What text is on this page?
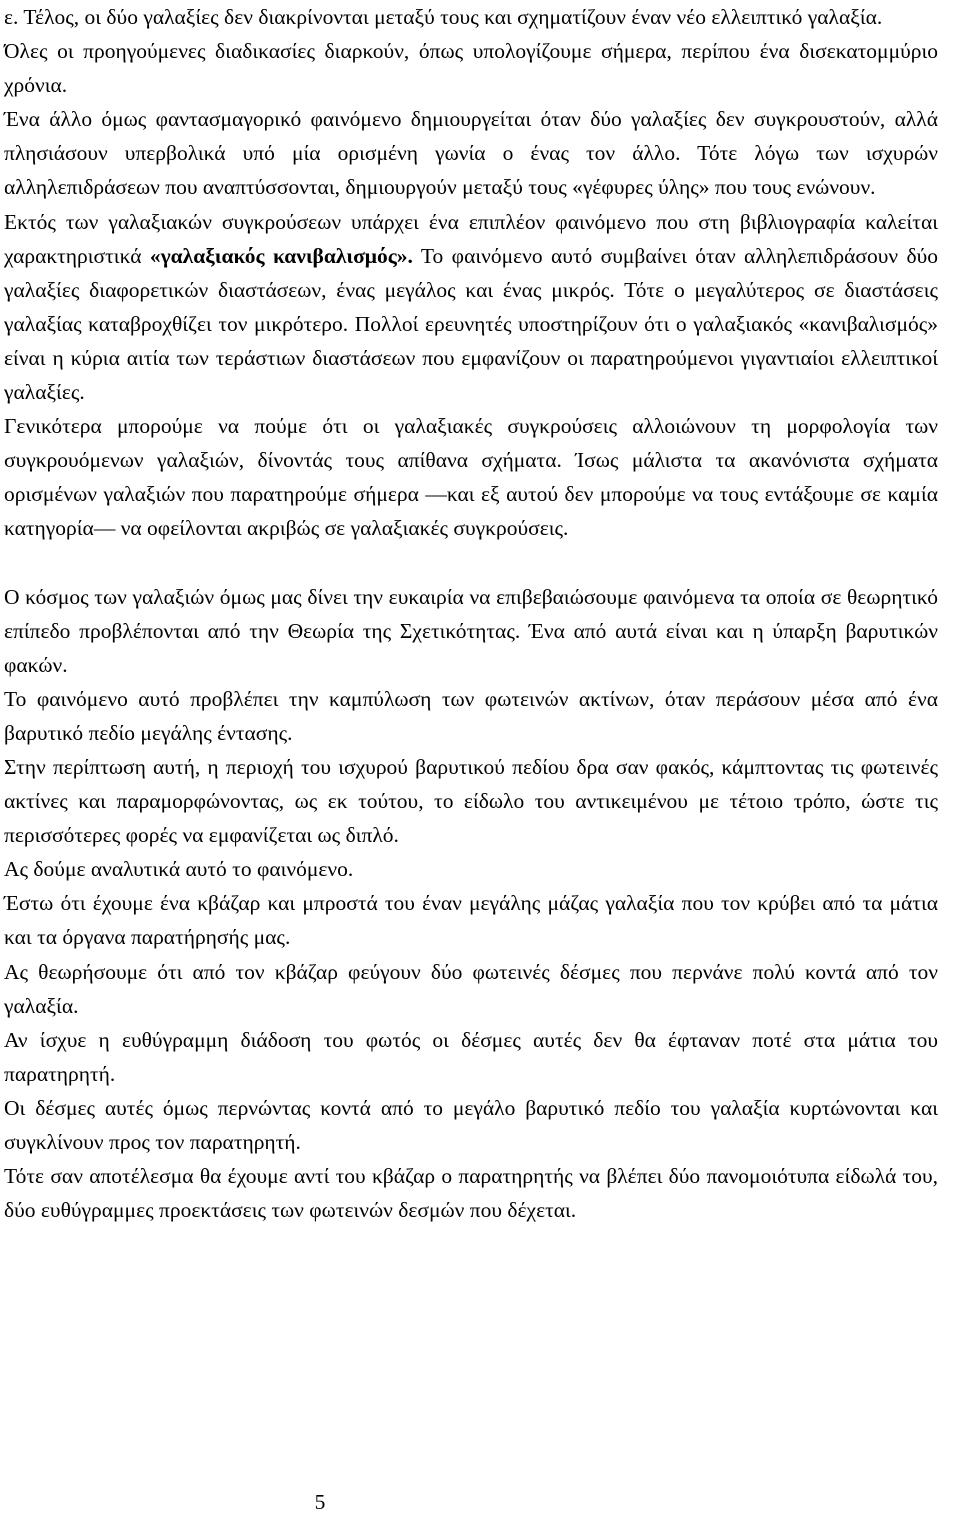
ε. Τέλος, οι δύο γαλαξίες δεν διακρίνονται μεταξύ τους και σχηματίζουν έναν νέο ελλειπτικό γαλαξία.

Όλες οι προηγούμενες διαδικασίες διαρκούν, όπως υπολογίζουμε σήμερα, περίπου ένα δισεκατομμύριο χρόνια.

Ένα άλλο όμως φαντασμαγορικό φαινόμενο δημιουργείται όταν δύο γαλαξίες δεν συγκρουστούν, αλλά πλησιάσουν υπερβολικά υπό μία ορισμένη γωνία ο ένας τον άλλο. Τότε λόγω των ισχυρών αλληλεπιδράσεων που αναπτύσσονται, δημιουργούν μεταξύ τους «γέφυρες ύλης» που τους ενώνουν.

Εκτός των γαλαξιακών συγκρούσεων υπάρχει ένα επιπλέον φαινόμενο που στη βιβλιογραφία καλείται χαρακτηριστικά «γαλαξιακός κανιβαλισμός». Το φαινόμενο αυτό συμβαίνει όταν αλληλεπιδράσουν δύο γαλαξίες διαφορετικών διαστάσεων, ένας μεγάλος και ένας μικρός. Τότε ο μεγαλύτερος σε διαστάσεις γαλαξίας καταβροχθίζει τον μικρότερο. Πολλοί ερευνητές υποστηρίζουν ότι ο γαλαξιακός «κανιβαλισμός» είναι η κύρια αιτία των τεράστιων διαστάσεων που εμφανίζουν οι παρατηρούμενοι γιγαντιαίοι ελλειπτικοί γαλαξίες.

Γενικότερα μπορούμε να πούμε ότι οι γαλαξιακές συγκρούσεις αλλοιώνουν τη μορφολογία των συγκρουόμενων γαλαξιών, δίνοντάς τους απίθανα σχήματα. Ίσως μάλιστα τα ακανόνιστα σχήματα ορισμένων γαλαξιών που παρατηρούμε σήμερα —και εξ αυτού δεν μπορούμε να τους εντάξουμε σε καμία κατηγορία— να οφείλονται ακριβώς σε γαλαξιακές συγκρούσεις.

Ο κόσμος των γαλαξιών όμως μας δίνει την ευκαιρία να επιβεβαιώσουμε φαινόμενα τα οποία σε θεωρητικό επίπεδο προβλέπονται από την Θεωρία της Σχετικότητας. Ένα από αυτά είναι και η ύπαρξη βαρυτικών φακών.

Το φαινόμενο αυτό προβλέπει την καμπύλωση των φωτεινών ακτίνων, όταν περάσουν μέσα από ένα βαρυτικό πεδίο μεγάλης έντασης.

Στην περίπτωση αυτή, η περιοχή του ισχυρού βαρυτικού πεδίου δρα σαν φακός, κάμπτοντας τις φωτεινές ακτίνες και παραμορφώνοντας, ως εκ τούτου, το είδωλο του αντικειμένου με τέτοιο τρόπο, ώστε τις περισσότερες φορές να εμφανίζεται ως διπλό.

Ας δούμε αναλυτικά αυτό το φαινόμενο.

Έστω ότι έχουμε ένα κβάζαρ και μπροστά του έναν μεγάλης μάζας γαλαξία που τον κρύβει από τα μάτια και τα όργανα παρατήρησής μας.

Ας θεωρήσουμε ότι από τον κβάζαρ φεύγουν δύο φωτεινές δέσμες που περνάνε πολύ κοντά από τον γαλαξία.

Αν ίσχυε η ευθύγραμμη διάδοση του φωτός οι δέσμες αυτές δεν θα έφταναν ποτέ στα μάτια του παρατηρητή.

Οι δέσμες αυτές όμως περνώντας κοντά από το μεγάλο βαρυτικό πεδίο του γαλαξία κυρτώνονται και συγκλίνουν προς τον παρατηρητή.

Τότε σαν αποτέλεσμα θα έχουμε αντί του κβάζαρ ο παρατηρητής να βλέπει δύο πανομοιότυπα είδωλά του, δύο ευθύγραμμες προεκτάσεις των φωτεινών δεσμών που δέχεται.

5
